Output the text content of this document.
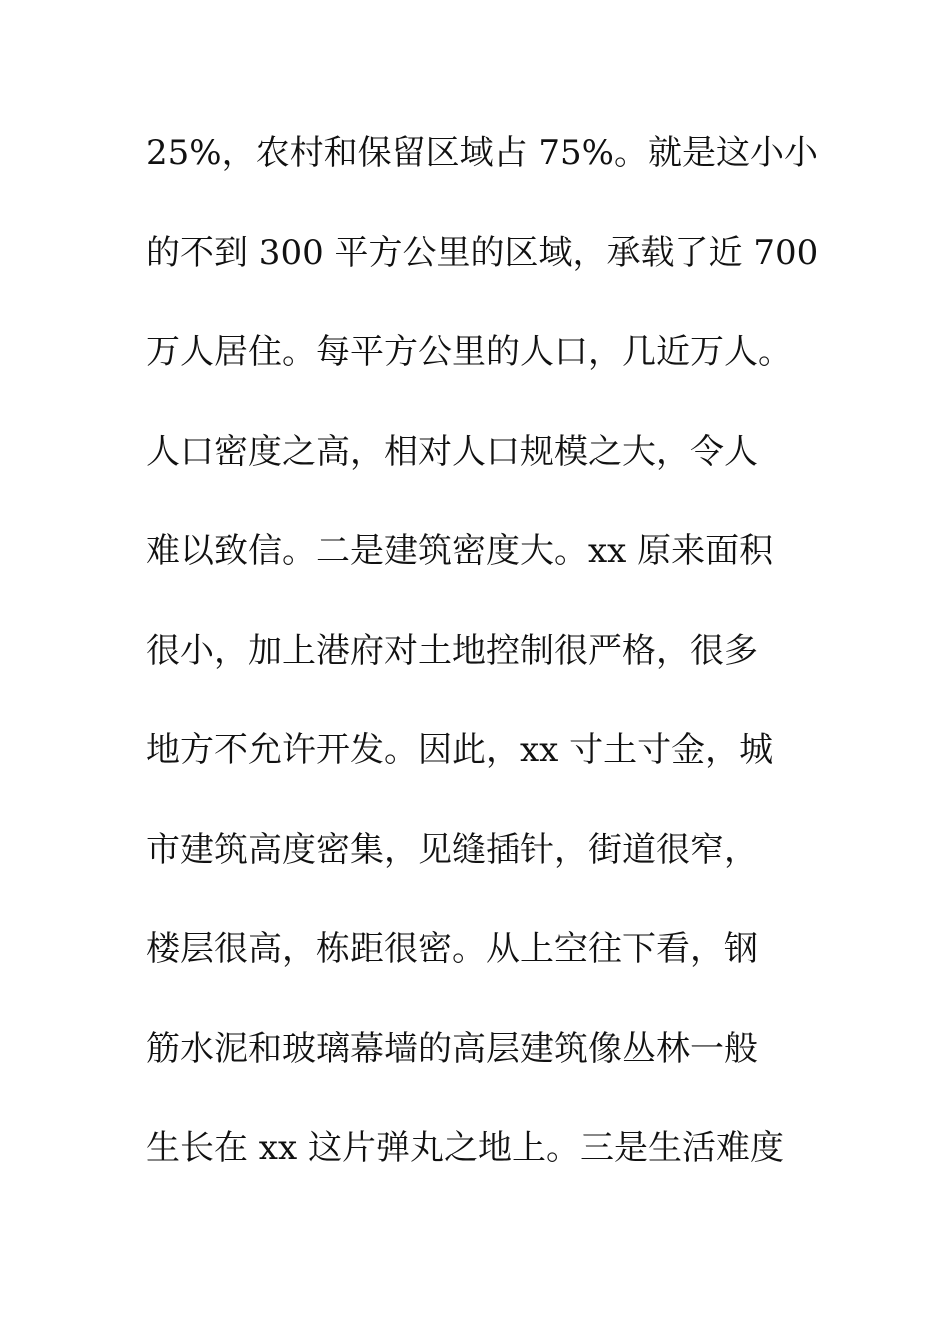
25%，农村和保留区域占 75%。就是这小小
的不到 300 平方公里的区域，承载了近 700
万人居住。每平方公里的人口，几近万人。
人口密度之高，相对人口规模之大，令人
难以致信。二是建筑密度大。xx 原来面积
很小，加上港府对土地控制很严格，很多
地方不允许开发。因此，xx 寸土寸金，城
市建筑高度密集，见缝插针，街道很窄，
楼层很高，栋距很密。从上空往下看，钢
筋水泥和玻璃幕墙的高层建筑像丛林一般
生长在 xx 这片弹丸之地上。三是生活难度
